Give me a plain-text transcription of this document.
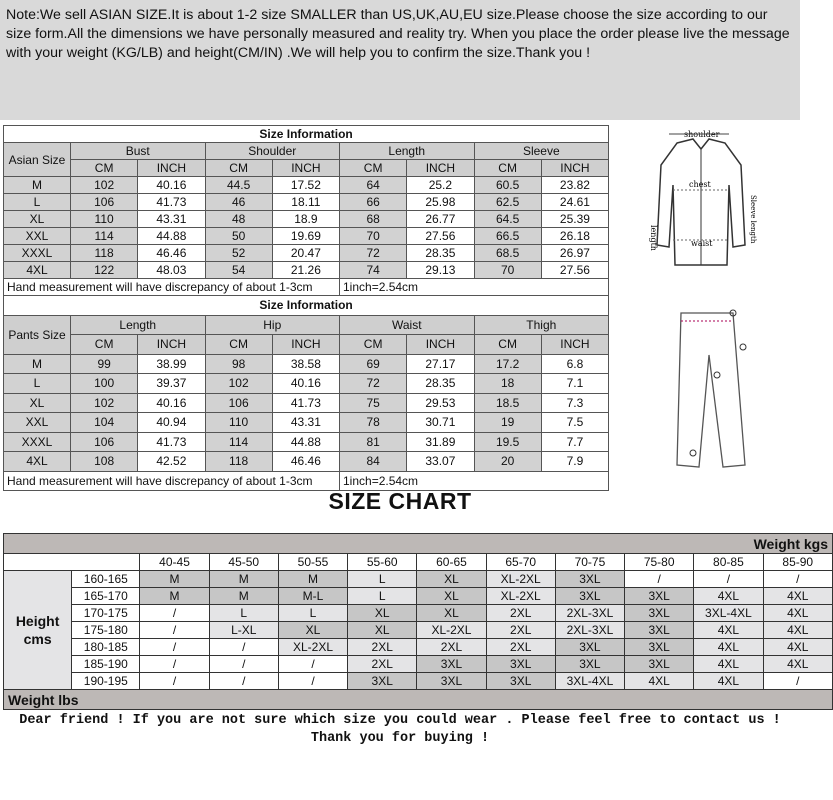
Note:We sell ASIAN SIZE.It is about 1-2 size SMALLER than US,UK,AU,EU size.Please choose the size according to our size form.All the dimensions we have personally measured and reality try. When you place the order please live the message with your weight (KG/LB) and height(CM/IN) .We will help you to confirm the size.Thank you !
Size Information								
Asian Size	Bust		Shoulder		Length		Sleeve	
	CM	INCH	CM	INCH	CM	INCH	CM	INCH
M	102	40.16	44.5	17.52	64	25.2	60.5	23.82
L	106	41.73	46	18.11	66	25.98	62.5	24.61
XL	110	43.31	48	18.9	68	26.77	64.5	25.39
XXL	114	44.88	50	19.69	70	27.56	66.5	26.18
XXXL	118	46.46	52	20.47	72	28.35	68.5	26.97
4XL	122	48.03	54	21.26	74	29.13	70	27.56
Hand measurement will have discrepancy of about 1-3cm					1inch=2.54cm			
shoulder
chest
waist
length	Sleeve length
Size Information								
Pants Size	Length		Hip		Waist		Thigh	
	CM	INCH	CM	INCH	CM	INCH	CM	INCH
M	99	38.99	98	38.58	69	27.17	17.2	6.8
L	100	39.37	102	40.16	72	28.35	18	7.1
XL	102	40.16	106	41.73	75	29.53	18.5	7.3
XXL	104	40.94	110	43.31	78	30.71	19	7.5
XXXL	106	41.73	114	44.88	81	31.89	19.5	7.7
4XL	108	42.52	118	46.46	84	33.07	20	7.9
Hand measurement will have discrepancy of about 1-3cm					1inch=2.54cm			
SIZE CHART
Weight kgs											
		40-45	45-50	50-55	55-60	60-65	65-70	70-75	75-80	80-85	85-90

Height
cms	160-165	M	M	M	L	XL	XL-2XL	3XL	/	/	/
	165-170	M	M	M-L	L	XL	XL-2XL	3XL	3XL	4XL	4XL
	170-175	/	L	L	XL	XL	2XL	2XL-3XL	3XL	3XL-4XL	4XL
	175-180	/	L-XL	XL	XL	XL-2XL	2XL	2XL-3XL	3XL	4XL	4XL
	180-185	/	/	XL-2XL	2XL	2XL	2XL	3XL	3XL	4XL	4XL
	185-190	/	/	/	2XL	3XL	3XL	3XL	3XL	4XL	4XL
	190-195	/	/	/	3XL	3XL	3XL	3XL-4XL	4XL	4XL	/
Weight lbs											
Dear friend ! If you are not sure which size you could wear . Please feel free to contact us !
Thank you for buying !
